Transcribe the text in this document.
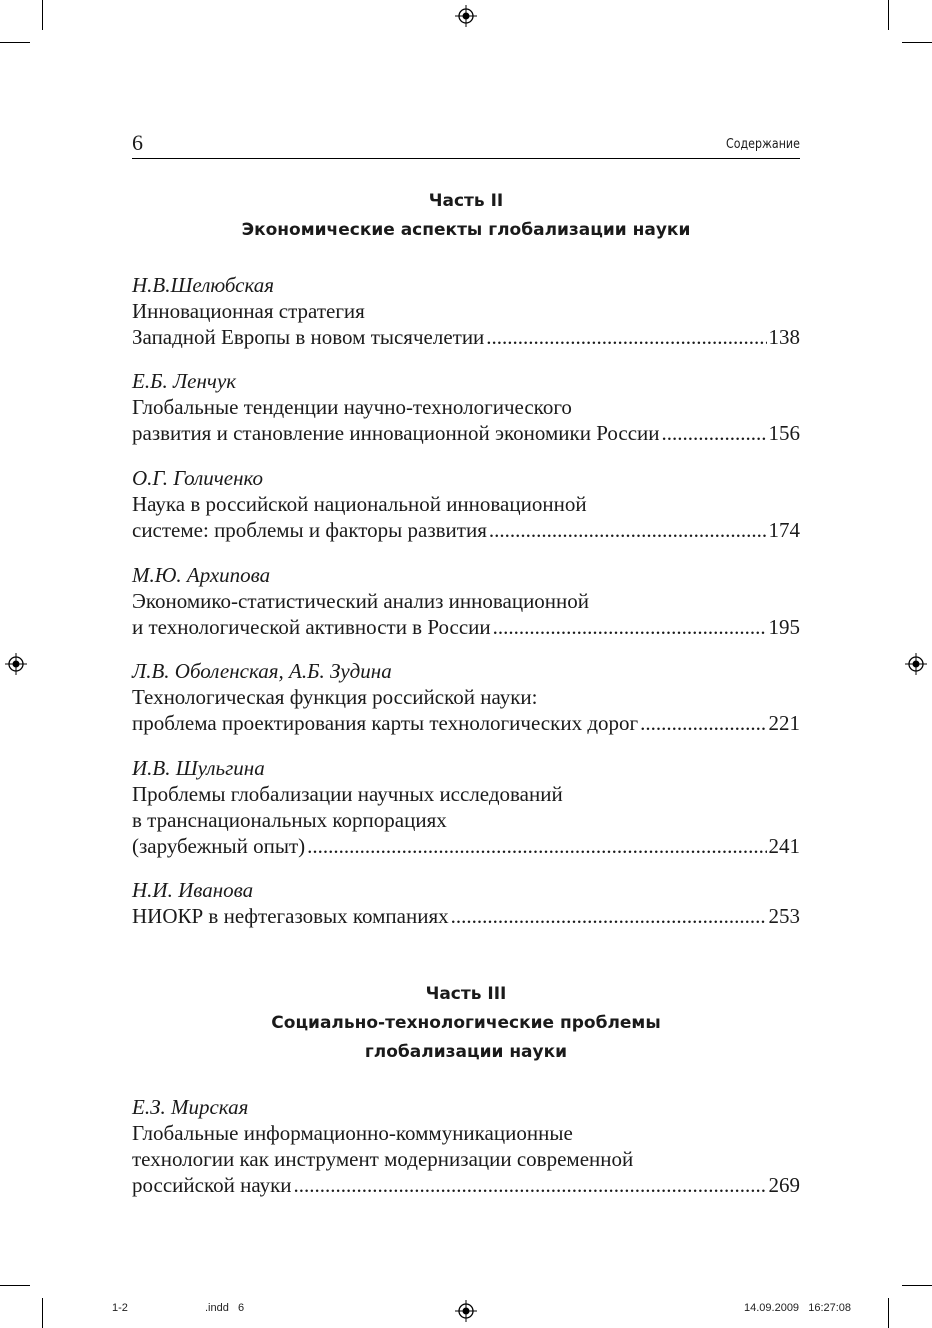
6	Содержание
Часть II
Экономические аспекты глобализации науки
Н.В.Шелюбская
Инновационная стратегия
Западной Европы в новом тысячелетии .....	138
Е.Б. Ленчук
Глобальные тенденции научно-технологического
развития и становление инновационной экономики России .....	156
О.Г. Голиченко
Наука в российской национальной инновационной
системе: проблемы и факторы развития .....	174
М.Ю. Архипова
Экономико-статистический анализ инновационной
и технологической активности в России .....	195
Л.В. Оболенская, А.Б. Зудина
Технологическая функция российской науки:
проблема проектирования карты технологических дорог .....	221
И.В. Шульгина
Проблемы глобализации научных исследований
в транснациональных корпорациях
(зарубежный опыт) .....	241
Н.И. Иванова
НИОКР в нефтегазовых компаниях .....	253
Часть III
Социально-технологические проблемы
глобализации науки
Е.З. Мирская
Глобальные информационно-коммуникационные
технологии как инструмент модернизации современной
российской науки .....	269
1-2	.indd   6	14.09.2009   16:27:08
